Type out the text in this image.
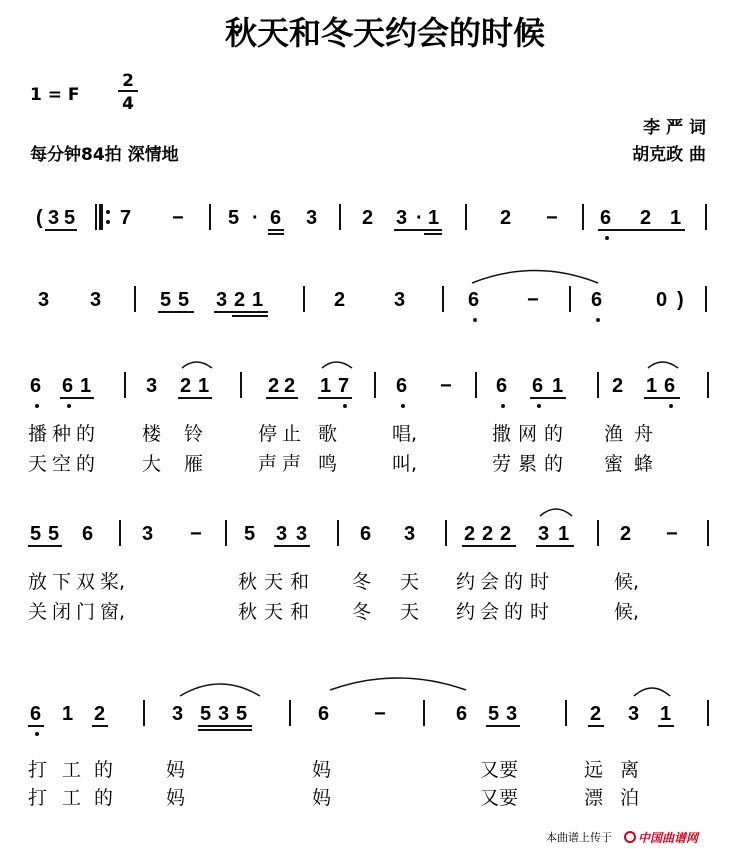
秋天和冬天约会的时候
1 = F
2
4
李 严 词
胡克政 曲
每分钟84拍 深情地
( 3 5 7 − 5 · 6 3 2 3 · 1	2 − 6 2 1
3 3	5 5 3 2 1	2 3	6 −	6	0 )
6 6 1	3 2 1	2 2 1 7 6 − 6 6 1 2 1 6
播 种 的 楼 铃	停 止 歌	唱,	撒 网 的 渔 舟
天 空 的 大 雁	声 声 鸣	叫,	劳 累 的 蜜 蜂
5 5 6 3 − 5 3 3	6 3 2 2 2 3 1	2 −
放 下 双 桨,	秋 天 和 冬 天 约 会 的 时	候,
关 闭 门 窗,	秋 天 和 冬 天 约 会 的 时	候,
6 1 2	3 5 3 5	6 −	6 5 3	2 3 1
打 工 的	妈	妈	又要	远 离
打 工 的	妈	妈	又要	漂 泊
本曲谱上传于 中国曲谱网
